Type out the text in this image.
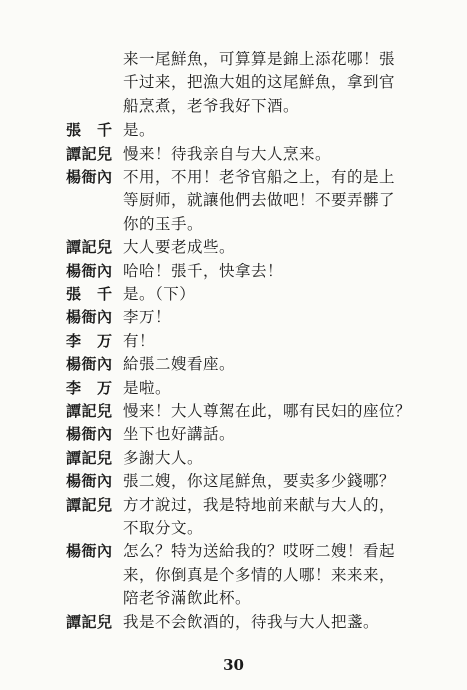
来一尾鮮魚，可算算是錦上添花哪！張
千过来，把漁大姐的这尾鮮魚，拿到官
船烹煮，老爷我好下酒。
張　千 是。
譚記兒 慢来！待我亲自与大人烹来。
楊衙內 不用，不用！老爷官船之上，有的是上
等厨师，就讓他們去做吧！不要弄髒了
你的玉手。
譚記兒 大人要老成些。
楊衙內 哈哈！張千，快拿去！
張　千 是。（下）
楊衙內 李万！
李　万 有！
楊衙內 給張二嫂看座。
李　万 是啦。
譚記兒 慢来！大人尊駕在此，哪有民妇的座位？
楊衙內 坐下也好講話。
譚記兒 多謝大人。
楊衙內 張二嫂，你这尾鮮魚，要卖多少錢哪？
譚記兒 方才說过，我是特地前来献与大人的，
不取分文。
楊衙內 怎么？特为送給我的？哎呀二嫂！看起
来，你倒真是个多情的人哪！来来来，
陪老爷滿飲此杯。
譚記兒 我是不会飲酒的，待我与大人把盞。
30
